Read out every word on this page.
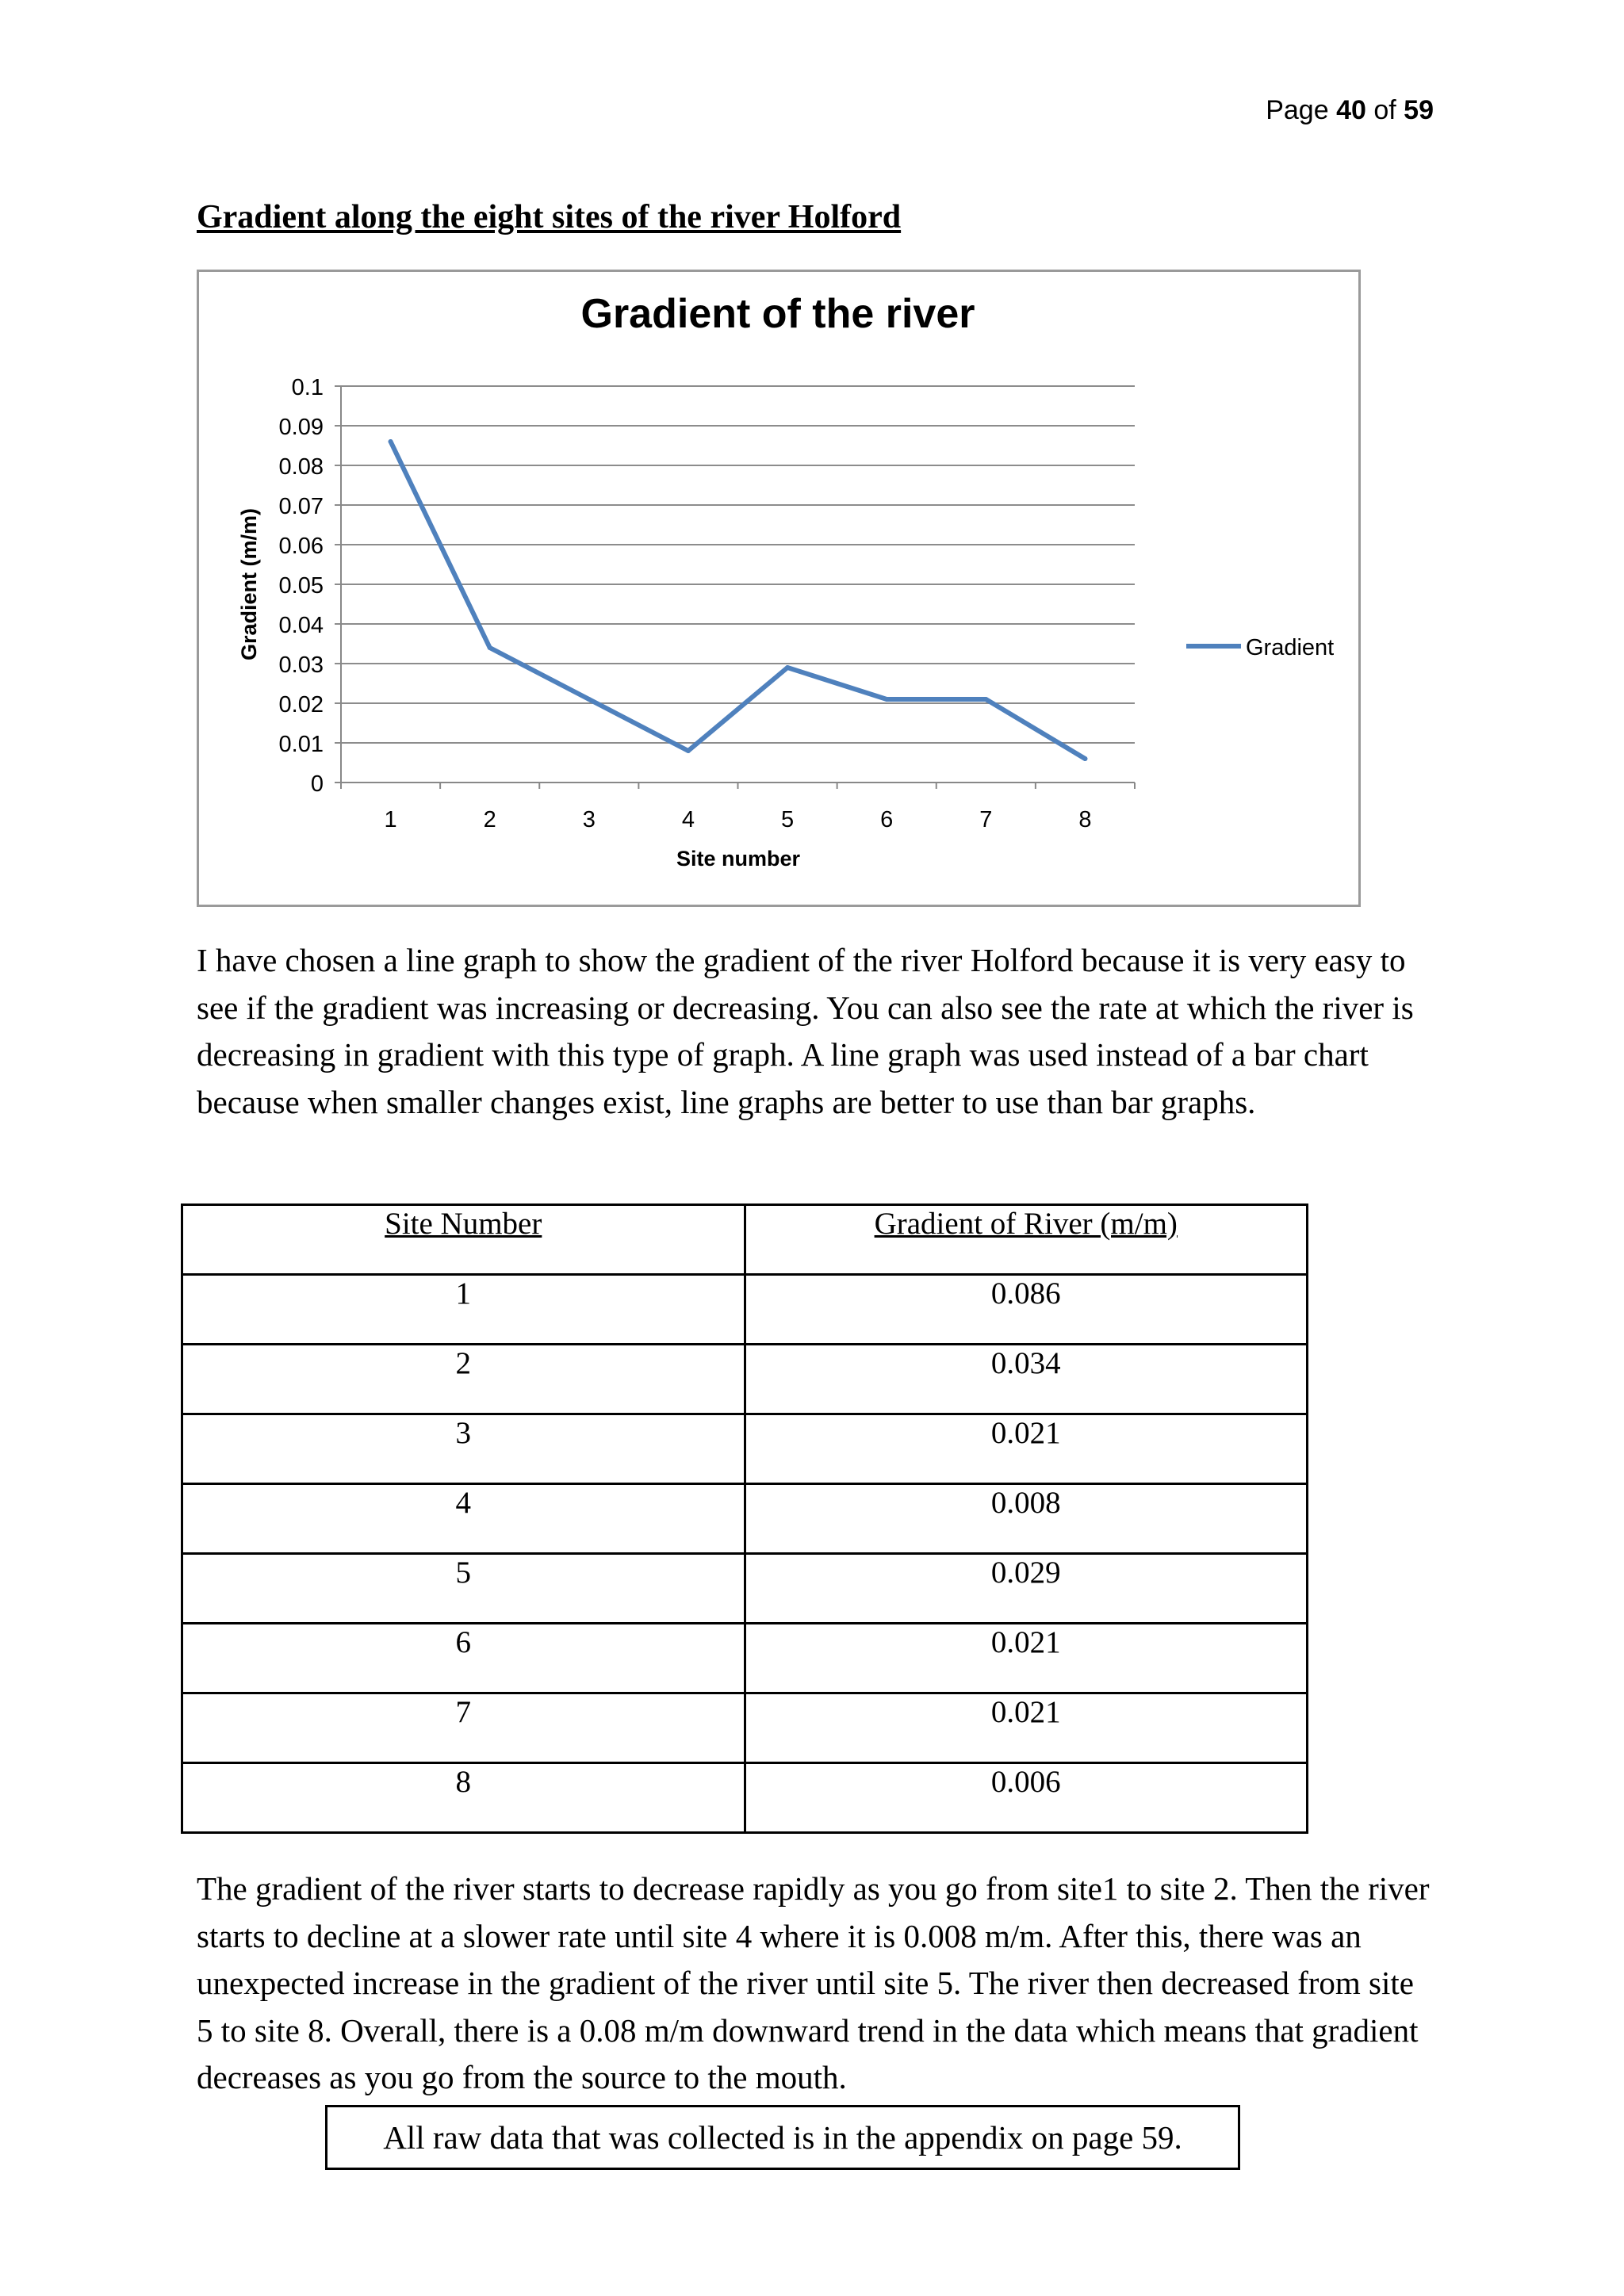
Page 40 of 59
Gradient along the eight sites of the river Holford
Gradient of the river
0
0.01
0.02
0.03
0.04
0.05
0.06
0.07
0.08
0.09
0.1
1	2	3	4	5	6	7	8
Site number
Gradient (m/m)	Gradient

I have chosen a line graph to show the gradient of the river Holford because it is very easy to see if the gradient was increasing or decreasing. You can also see the rate at which the river is decreasing in gradient with this type of graph. A line graph was used instead of a bar chart because when smaller changes exist, line graphs are better to use than bar graphs.

Site Number	Gradient of River (m/m)
1	0.086
2	0.034
3	0.021
4	0.008
5	0.029
6	0.021
7	0.021
8	0.006

The gradient of the river starts to decrease rapidly as you go from site1 to site 2. Then the river starts to decline at a slower rate until site 4 where it is 0.008 m/m. After this, there was an unexpected increase in the gradient of the river until site 5. The river then decreased from site 5 to site 8. Overall, there is a 0.08 m/m downward trend in the data which means that gradient decreases as you go from the source to the mouth.

All raw data that was collected is in the appendix on page 59.
